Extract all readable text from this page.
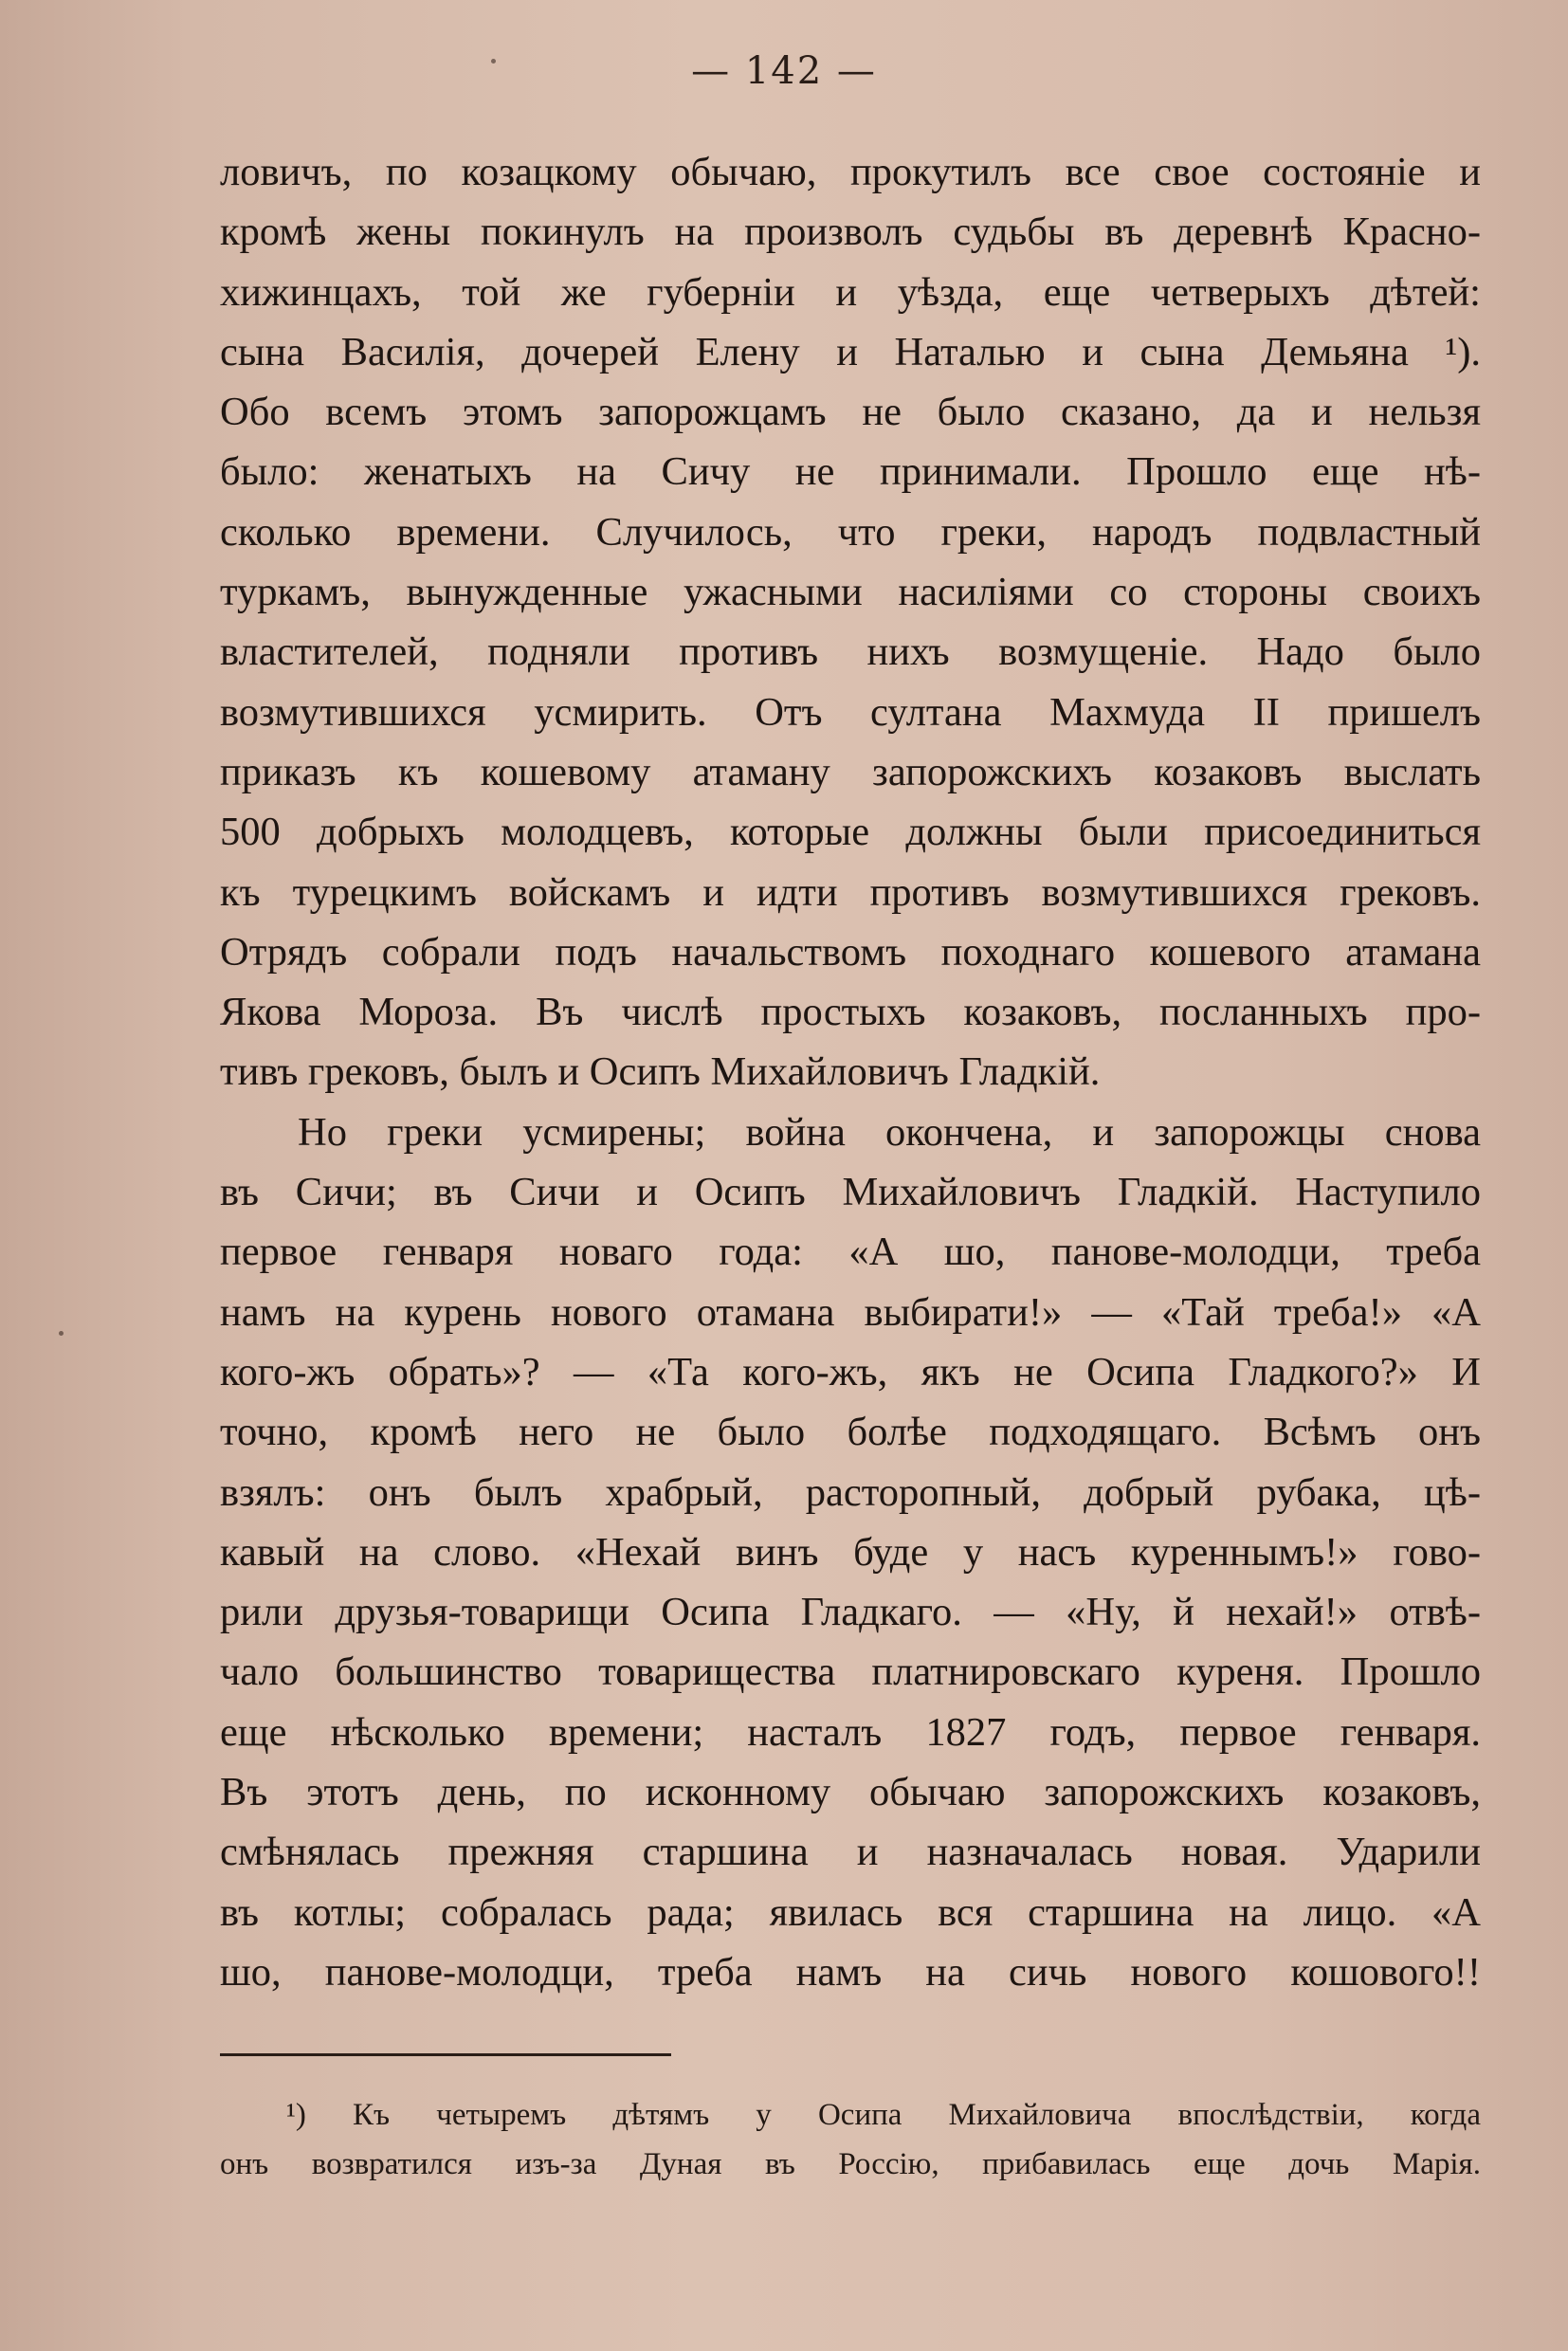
— 142 —
ловичъ, по козацкому обычаю, прокутилъ все свое состояніе и
кромѣ жены покинулъ на произволъ судьбы въ деревнѣ Красно-
хижинцахъ, той же губерніи и уѣзда, еще четверыхъ дѣтей:
сына Василія, дочерей Елену и Наталью и сына Демьяна ¹).
Обо всемъ этомъ запорожцамъ не было сказано, да и нельзя
было: женатыхъ на Сичу не принимали. Прошло еще нѣ-
сколько времени. Случилось, что греки, народъ подвластный
туркамъ, вынужденные ужасными насиліями со стороны своихъ
властителей, подняли противъ нихъ возмущеніе. Надо было
возмутившихся усмирить. Отъ султана Махмуда II пришелъ
приказъ къ кошевому атаману запорожскихъ козаковъ выслать
500 добрыхъ молодцевъ, которые должны были присоединиться
къ турецкимъ войскамъ и идти противъ возмутившихся грековъ.
Отрядъ собрали подъ начальствомъ походнаго кошевого атамана
Якова Мороза. Въ числѣ простыхъ козаковъ, посланныхъ про-
тивъ грековъ, былъ и Осипъ Михайловичъ Гладкій.
Но греки усмирены; война окончена, и запорожцы снова
въ Сичи; въ Сичи и Осипъ Михайловичъ Гладкій. Наступило
первое генваря новаго года: «А шо, панове-молодци, треба
намъ на курень нового отамана выбирати!» — «Тай треба!» «А
кого-жъ обрать»? — «Та кого-жъ, якъ не Осипа Гладкого?» И
точно, кромѣ него не было болѣе подходящаго. Всѣмъ онъ
взялъ: онъ былъ храбрый, расторопный, добрый рубака, цѣ-
кавый на слово. «Нехай винъ буде у насъ куреннымъ!» гово-
рили друзья-товарищи Осипа Гладкаго. — «Ну, й нехай!» отвѣ-
чало большинство товарищества платнировскаго куреня. Прошло
еще нѣсколько времени; насталъ 1827 годъ, первое генваря.
Въ этотъ день, по исконному обычаю запорожскихъ козаковъ,
смѣнялась прежняя старшина и назначалась новая. Ударили
въ котлы; собралась рада; явилась вся старшина на лицо. «А
шо, панове-молодци, треба намъ на сичь нового кошового!!
¹) Къ четыремъ дѣтямъ у Осипа Михайловича впослѣдствіи, когда
онъ возвратился изъ-за Дуная въ Россію, прибавилась еще дочь Марія.
